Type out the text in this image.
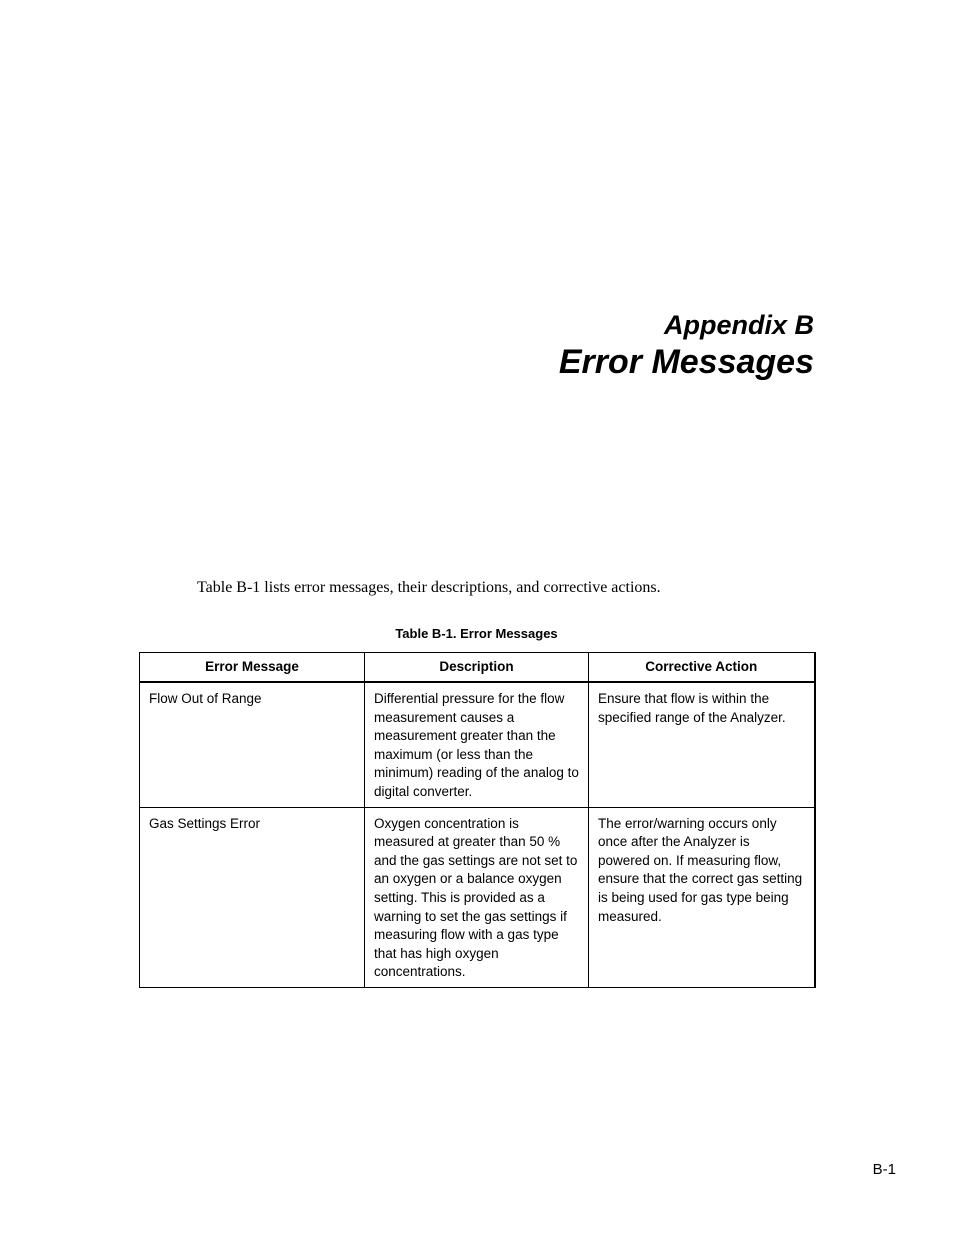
Appendix B
Error Messages

Table B-1 lists error messages, their descriptions, and corrective actions.

Table B-1. Error Messages
Error Message	Description	Corrective Action
Flow Out of Range	Differential pressure for the flow measurement causes a measurement greater than the maximum (or less than the minimum) reading of the analog to digital converter.	Ensure that flow is within the specified range of the Analyzer.
Gas Settings Error	Oxygen concentration is measured at greater than 50 % and the gas settings are not set to an oxygen or a balance oxygen setting. This is provided as a warning to set the gas settings if measuring flow with a gas type that has high oxygen concentrations.	The error/warning occurs only once after the Analyzer is powered on. If measuring flow, ensure that the correct gas setting is being used for gas type being measured.
B-1
